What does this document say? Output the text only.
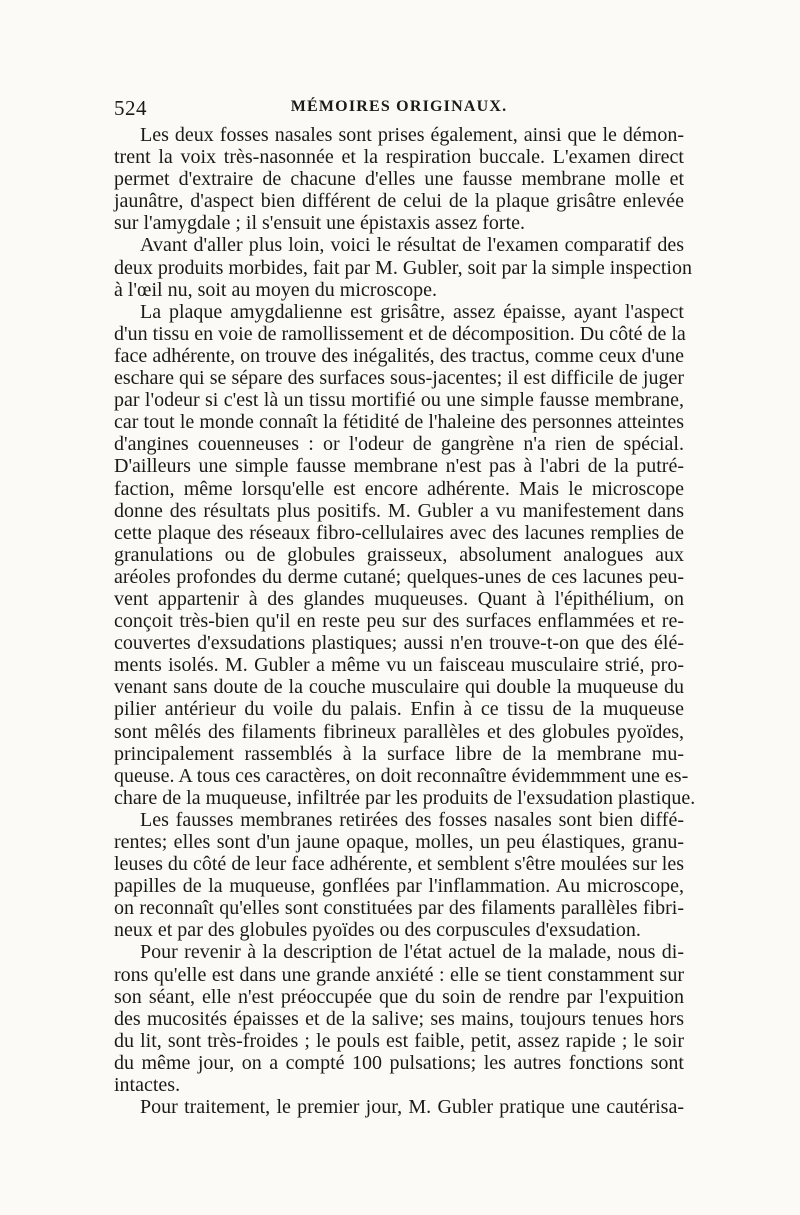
524	MÉMOIRES ORIGINAUX.
Les deux fosses nasales sont prises également, ainsi que le démon-
trent la voix très-nasonnée et la respiration buccale. L'examen direct
permet d'extraire de chacune d'elles une fausse membrane molle et
jaunâtre, d'aspect bien différent de celui de la plaque grisâtre enlevée
sur l'amygdale ; il s'ensuit une épistaxis assez forte.
Avant d'aller plus loin, voici le résultat de l'examen comparatif des
deux produits morbides, fait par M. Gubler, soit par la simple inspection
à l'œil nu, soit au moyen du microscope.
La plaque amygdalienne est grisâtre, assez épaisse, ayant l'aspect
d'un tissu en voie de ramollissement et de décomposition. Du côté de la
face adhérente, on trouve des inégalités, des tractus, comme ceux d'une
eschare qui se sépare des surfaces sous-jacentes; il est difficile de juger
par l'odeur si c'est là un tissu mortifié ou une simple fausse membrane,
car tout le monde connaît la fétidité de l'haleine des personnes atteintes
d'angines couenneuses : or l'odeur de gangrène n'a rien de spécial.
D'ailleurs une simple fausse membrane n'est pas à l'abri de la putré-
faction, même lorsqu'elle est encore adhérente. Mais le microscope
donne des résultats plus positifs. M. Gubler a vu manifestement dans
cette plaque des réseaux fibro-cellulaires avec des lacunes remplies de
granulations ou de globules graisseux, absolument analogues aux
aréoles profondes du derme cutané; quelques-unes de ces lacunes peu-
vent appartenir à des glandes muqueuses. Quant à l'épithélium, on
conçoit très-bien qu'il en reste peu sur des surfaces enflammées et re-
couvertes d'exsudations plastiques; aussi n'en trouve-t-on que des élé-
ments isolés. M. Gubler a même vu un faisceau musculaire strié, pro-
venant sans doute de la couche musculaire qui double la muqueuse du
pilier antérieur du voile du palais. Enfin à ce tissu de la muqueuse
sont mêlés des filaments fibrineux parallèles et des globules pyoïdes,
principalement rassemblés à la surface libre de la membrane mu-
queuse. A tous ces caractères, on doit reconnaître évidemmment une es-
chare de la muqueuse, infiltrée par les produits de l'exsudation plastique.
Les fausses membranes retirées des fosses nasales sont bien diffé-
rentes; elles sont d'un jaune opaque, molles, un peu élastiques, granu-
leuses du côté de leur face adhérente, et semblent s'être moulées sur les
papilles de la muqueuse, gonflées par l'inflammation. Au microscope,
on reconnaît qu'elles sont constituées par des filaments parallèles fibri-
neux et par des globules pyoïdes ou des corpuscules d'exsudation.
Pour revenir à la description de l'état actuel de la malade, nous di-
rons qu'elle est dans une grande anxiété : elle se tient constamment sur
son séant, elle n'est préoccupée que du soin de rendre par l'expuition
des mucosités épaisses et de la salive; ses mains, toujours tenues hors
du lit, sont très-froides ; le pouls est faible, petit, assez rapide ; le soir
du même jour, on a compté 100 pulsations; les autres fonctions sont
intactes.
Pour traitement, le premier jour, M. Gubler pratique une cautérisa-
